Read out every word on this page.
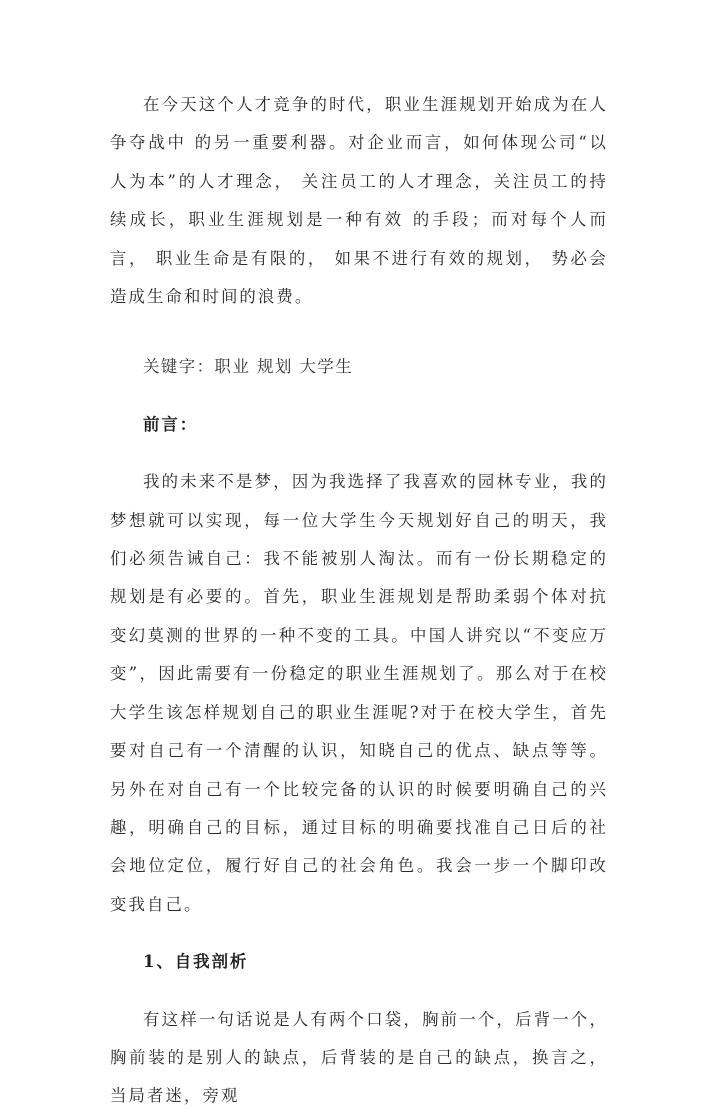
在今天这个人才竞争的时代，职业生涯规划开始成为在人争夺战中 的另一重要利器。对企业而言，如何体现公司“以人为本”的人才理念， 关注员工的人才理念，关注员工的持续成长，职业生涯规划是一种有效 的手段；而对每个人而言， 职业生命是有限的， 如果不进行有效的规划， 势必会造成生命和时间的浪费。

关键字：职业 规划 大学生

前言：

我的未来不是梦，因为我选择了我喜欢的园林专业，我的梦想就可以实现，每一位大学生今天规划好自己的明天，我们必须告诫自己：我不能被别人淘汰。而有一份长期稳定的规划是有必要的。首先，职业生涯规划是帮助柔弱个体对抗变幻莫测的世界的一种不变的工具。中国人讲究以“不变应万变”，因此需要有一份稳定的职业生涯规划了。那么对于在校大学生该怎样规划自己的职业生涯呢?对于在校大学生，首先要对自己有一个清醒的认识，知晓自己的优点、缺点等等。另外在对自己有一个比较完备的认识的时候要明确自己的兴趣，明确自己的目标，通过目标的明确要找准自己日后的社会地位定位，履行好自己的社会角色。我会一步一个脚印改变我自己。

1、自我剖析

有这样一句话说是人有两个口袋，胸前一个，后背一个，胸前装的是别人的缺点，后背装的是自己的缺点，换言之，当局者迷，旁观
